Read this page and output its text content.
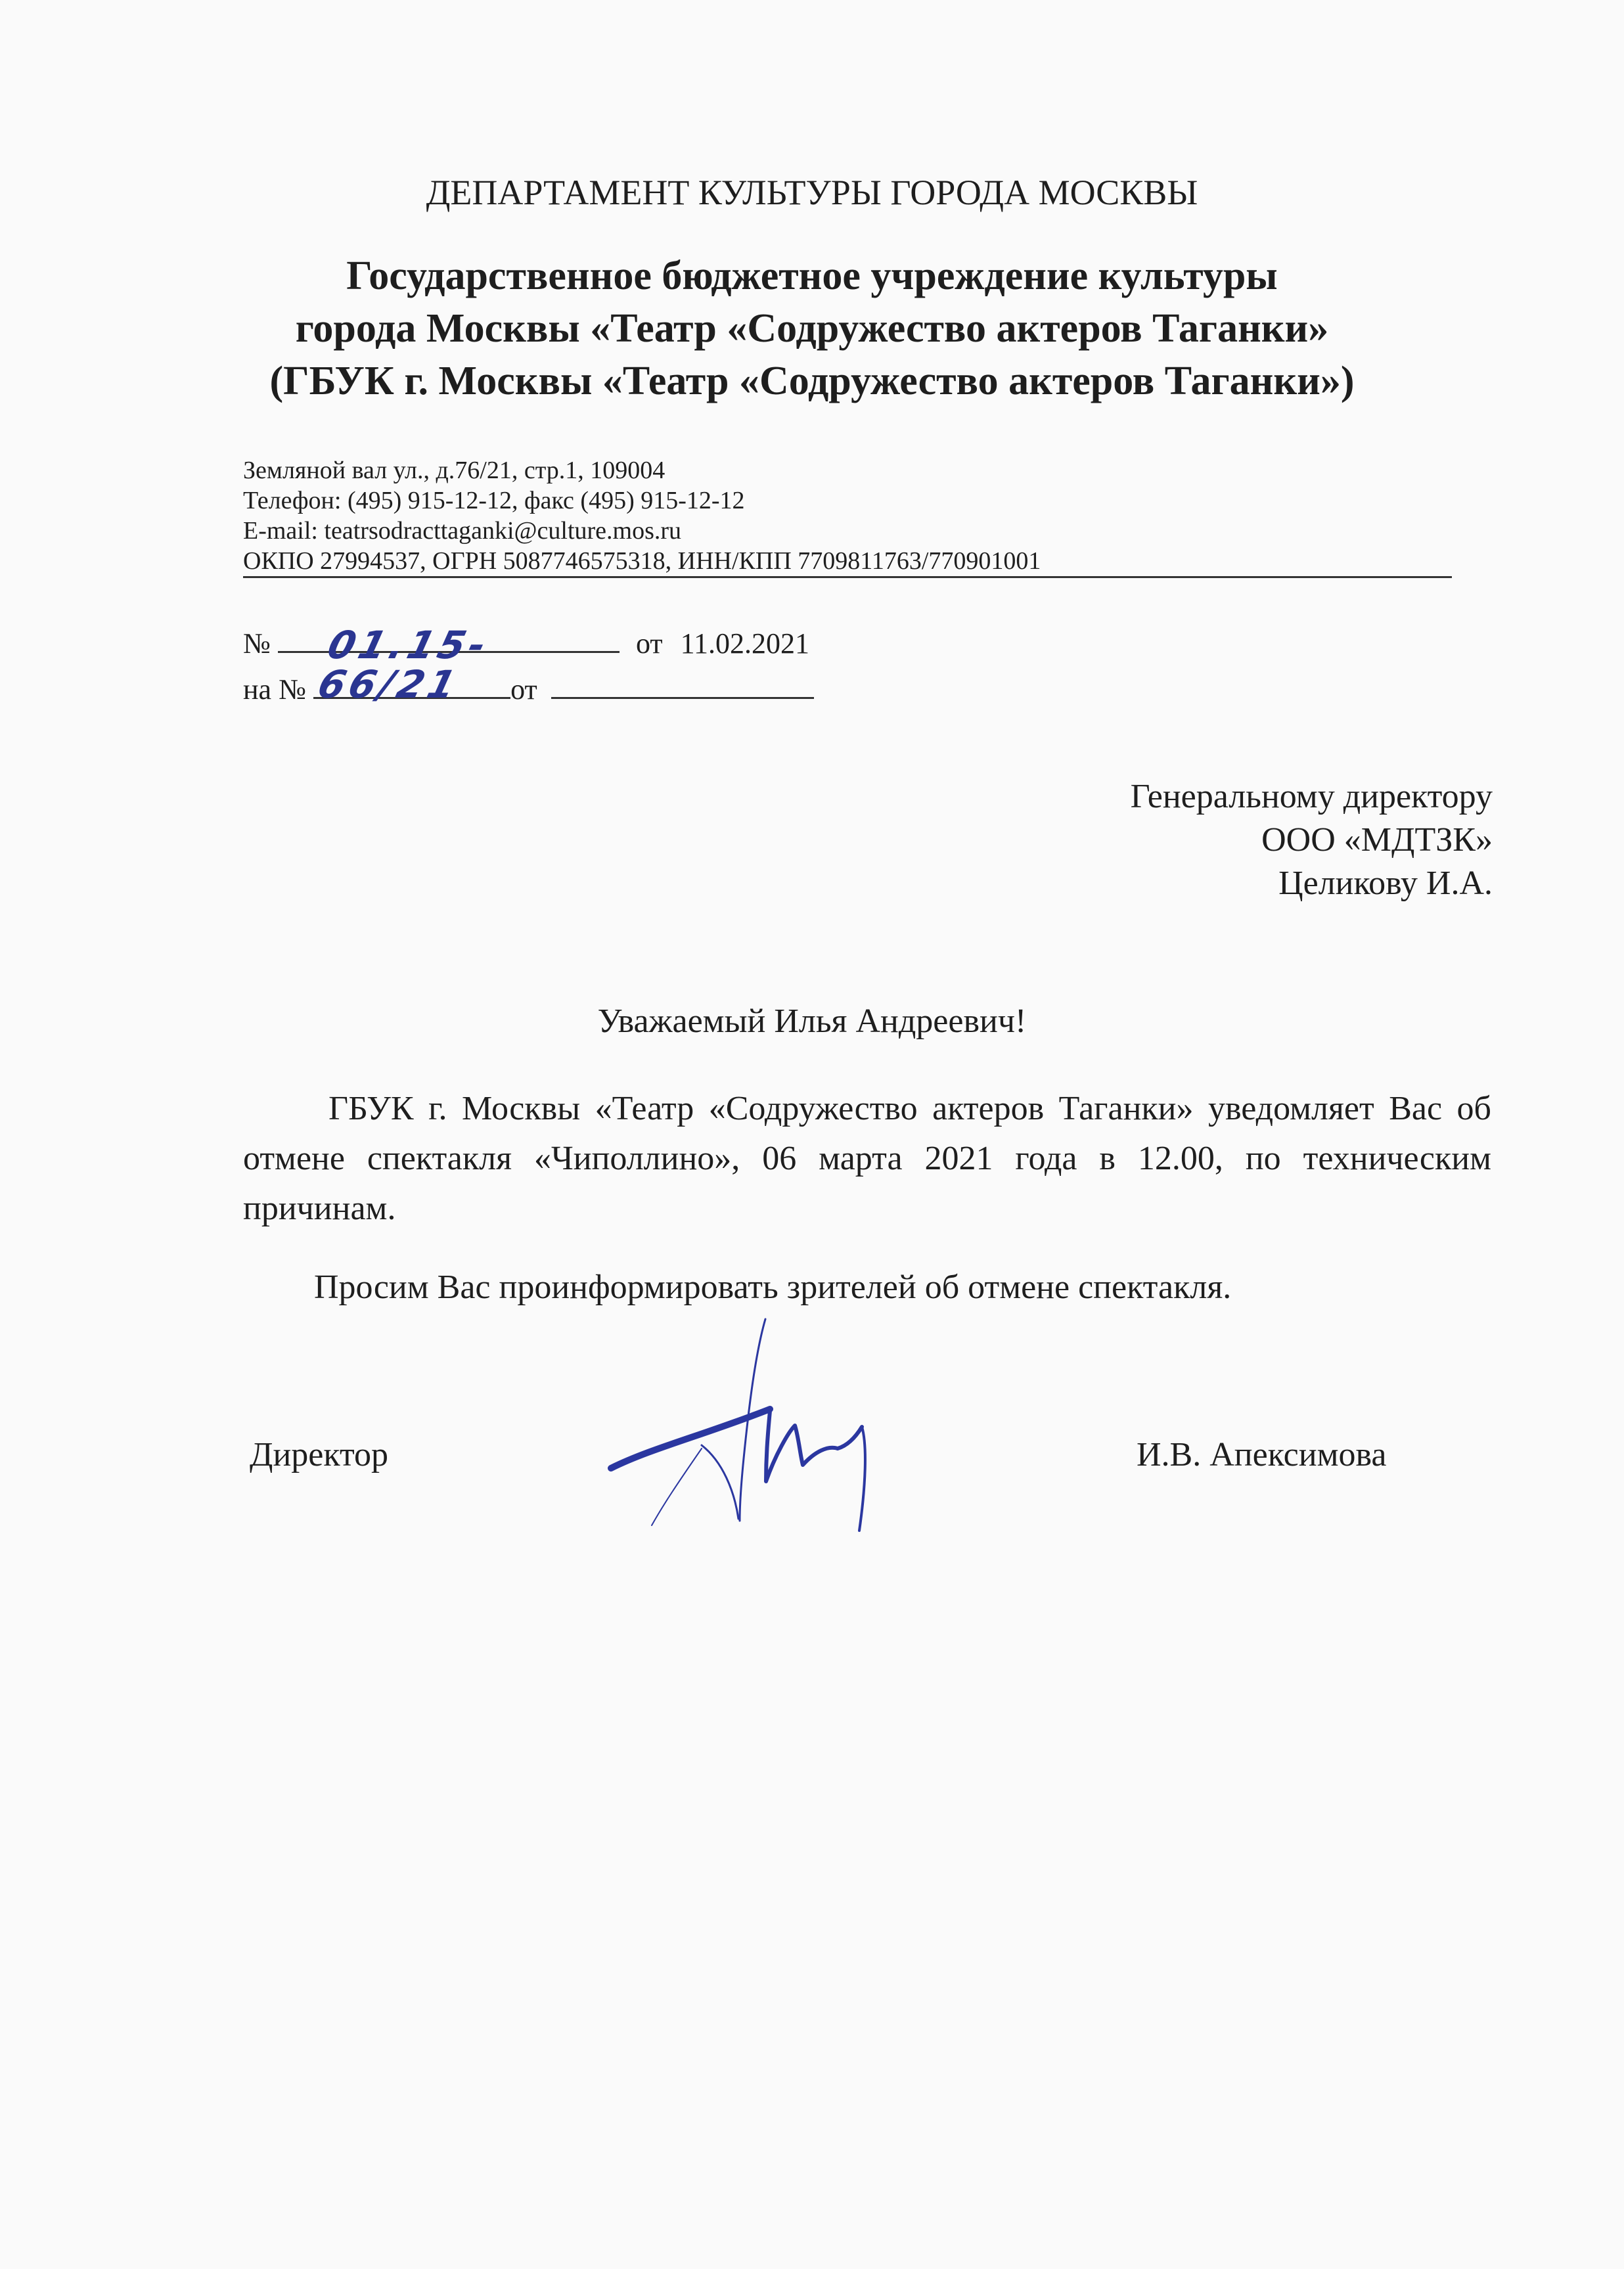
ДЕПАРТАМЕНТ КУЛЬТУРЫ ГОРОДА МОСКВЫ
Государственное бюджетное учреждение культуры
города Москвы «Театр «Содружество актеров Таганки»
(ГБУК г. Москвы «Театр «Содружество актеров Таганки»)
Земляной вал ул., д.76/21, стр.1, 109004
Телефон: (495) 915-12-12, факс (495) 915-12-12
E-mail: teatrsodracttaganki@culture.mos.ru
ОКПО 27994537, ОГРН 5087746575318, ИНН/КПП 7709811763/770901001
№ 01.15-66/21
от 11.02.2021
на №	от
Генеральному директору
ООО «МДТЗК»
Целикову И.А.
Уважаемый Илья Андреевич!
ГБУК г. Москвы «Театр «Содружество актеров Таганки» уведомляет Вас об отмене спектакля «Чиполлино», 06 марта 2021 года в 12.00, по техническим причинам.
Просим Вас проинформировать зрителей об отмене спектакля.
Директор	И.В. Апексимова
